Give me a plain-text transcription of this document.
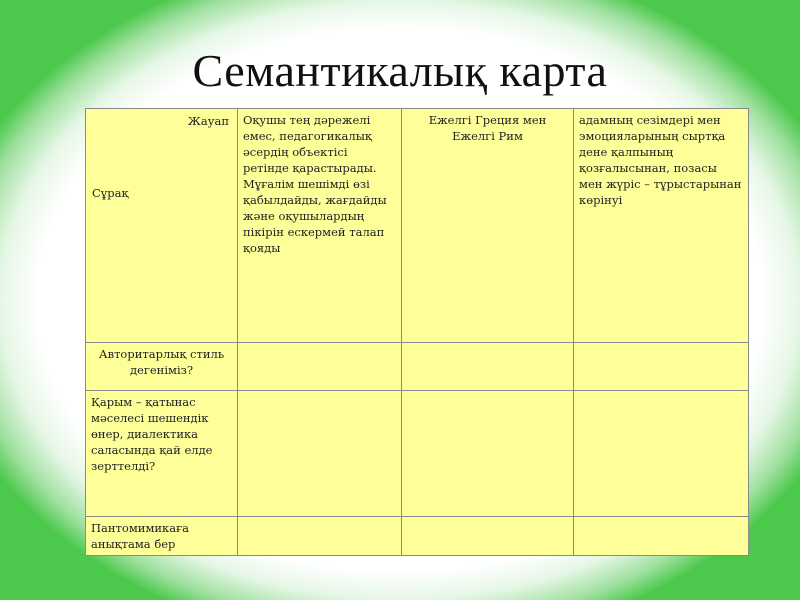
Семантикалық карта
Жауап
Сұрақ	Оқушы тең дәрежелі емес, педагогикалық әсердің объектісі ретінде қарастырады. Мұғалім шешімді өзі қабылдайды, жағдайды және оқушылардың пікірін ескермей талап қояды	Ежелгі Греция мен Ежелгі Рим	адамның сезімдері мен эмоцияларының сыртқа дене қалпының қозғалысынан, позасы мен жүріс – тұрыстарынан көрінуі
Авторитарлық стиль дегеніміз?			
Қарым – қатынас мәселесі шешендік өнер, диалектика саласында қай елде зерттелді?			
Пантомимикаға анықтама бер			
